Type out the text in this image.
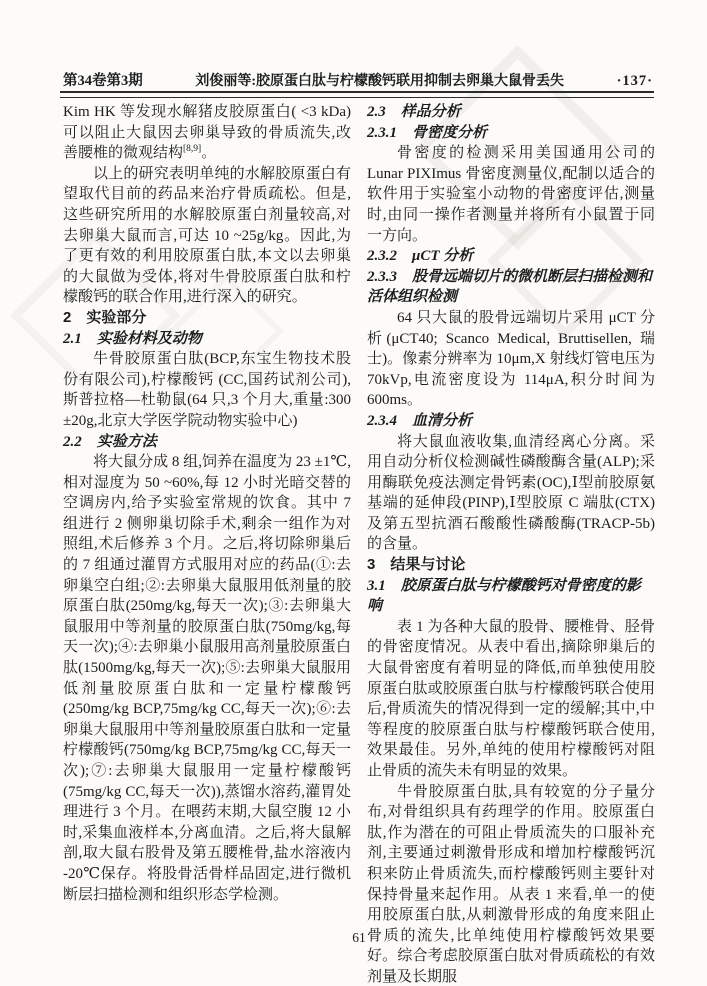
第34卷第3期	刘俊丽等:胶原蛋白肽与柠檬酸钙联用抑制去卵巢大鼠骨丢失	·137·

Kim HK 等发现水解猪皮胶原蛋白( <3 kDa)可以阻止大鼠因去卵巢导致的骨质流失,改善腰椎的微观结构[8,9]。

以上的研究表明单纯的水解胶原蛋白有望取代目前的药品来治疗骨质疏松。但是,这些研究所用的水解胶原蛋白剂量较高,对去卵巢大鼠而言,可达 10 ~25g/kg。因此,为了更有效的利用胶原蛋白肽,本文以去卵巢的大鼠做为受体,将对牛骨胶原蛋白肽和柠檬酸钙的联合作用,进行深入的研究。

2　实验部分
2.1　实验材料及动物

牛骨胶原蛋白肽(BCP,东宝生物技术股份有限公司),柠檬酸钙 (CC,国药试剂公司),斯普拉格—杜勒鼠(64 只,3 个月大,重量:300 ±20g,北京大学医学院动物实验中心)

2.2　实验方法

将大鼠分成 8 组,饲养在温度为 23 ±1℃,相对湿度为 50 ~60%,每 12 小时光暗交替的空调房内,给予实验室常规的饮食。其中 7 组进行 2 侧卵巢切除手术,剩余一组作为对照组,术后修养 3 个月。之后,将切除卵巢后的 7 组通过灌胃方式服用对应的药品(①:去卵巢空白组;②:去卵巢大鼠服用低剂量的胶原蛋白肽(250mg/kg,每天一次);③:去卵巢大鼠服用中等剂量的胶原蛋白肽(750mg/kg,每天一次);④:去卵巢小鼠服用高剂量胶原蛋白肽(1500mg/kg,每天一次);⑤:去卵巢大鼠服用低剂量胶原蛋白肽和一定量柠檬酸钙(250mg/kg BCP,75mg/kg CC,每天一次);⑥:去卵巢大鼠服用中等剂量胶原蛋白肽和一定量柠檬酸钙(750mg/kg BCP,75mg/kg CC,每天一次);⑦:去卵巢大鼠服用一定量柠檬酸钙(75mg/kg CC,每天一次)),蒸馏水溶药,灌胃处理进行 3 个月。在喂药末期,大鼠空腹 12 小时,采集血液样本,分离血清。之后,将大鼠解剖,取大鼠右股骨及第五腰椎骨,盐水溶液内 -20℃保存。将股骨活骨样品固定,进行微机断层扫描检测和组织形态学检测。

2.3　样品分析
2.3.1　骨密度分析

骨密度的检测采用美国通用公司的 Lunar PIXImus 骨密度测量仪,配制以适合的软件用于实验室小动物的骨密度评估,测量时,由同一操作者测量并将所有小鼠置于同一方向。

2.3.2　μCT 分析
2.3.3　股骨远端切片的微机断层扫描检测和活体组织检测

64 只大鼠的股骨远端切片采用 μCT 分析(μCT40; Scanco Medical, Bruttisellen, 瑞士)。像素分辨率为 10μm,X 射线灯管电压为 70kVp,电流密度设为 114μA,积分时间为 600ms。

2.3.4　血清分析

将大鼠血液收集,血清经离心分离。采用自动分析仪检测碱性磷酸酶含量(ALP);采用酶联免疫法测定骨钙素(OC),Ⅰ型前胶原氨基端的延伸段(PINP),Ⅰ型胶原 C 端肽(CTX)及第五型抗酒石酸酸性磷酸酶(TRACP-5b)的含量。

3　结果与讨论
3.1　胶原蛋白肽与柠檬酸钙对骨密度的影响

表 1 为各种大鼠的股骨、腰椎骨、胫骨的骨密度情况。从表中看出,摘除卵巢后的大鼠骨密度有着明显的降低,而单独使用胶原蛋白肽或胶原蛋白肽与柠檬酸钙联合使用后,骨质流失的情况得到一定的缓解;其中,中等程度的胶原蛋白肽与柠檬酸钙联合使用,效果最佳。另外,单纯的使用柠檬酸钙对阻止骨质的流失未有明显的效果。

牛骨胶原蛋白肽,具有较宽的分子量分布,对骨组织具有药理学的作用。胶原蛋白肽,作为潜在的可阻止骨质流失的口服补充剂,主要通过刺激骨形成和增加柠檬酸钙沉积来防止骨质流失,而柠檬酸钙则主要针对保持骨量来起作用。从表 1 来看,单一的使用胶原蛋白肽,从刺激骨形成的角度来阻止骨质的流失,比单纯使用柠檬酸钙效果要好。综合考虑胶原蛋白肽对骨质疏松的有效剂量及长期服

61
